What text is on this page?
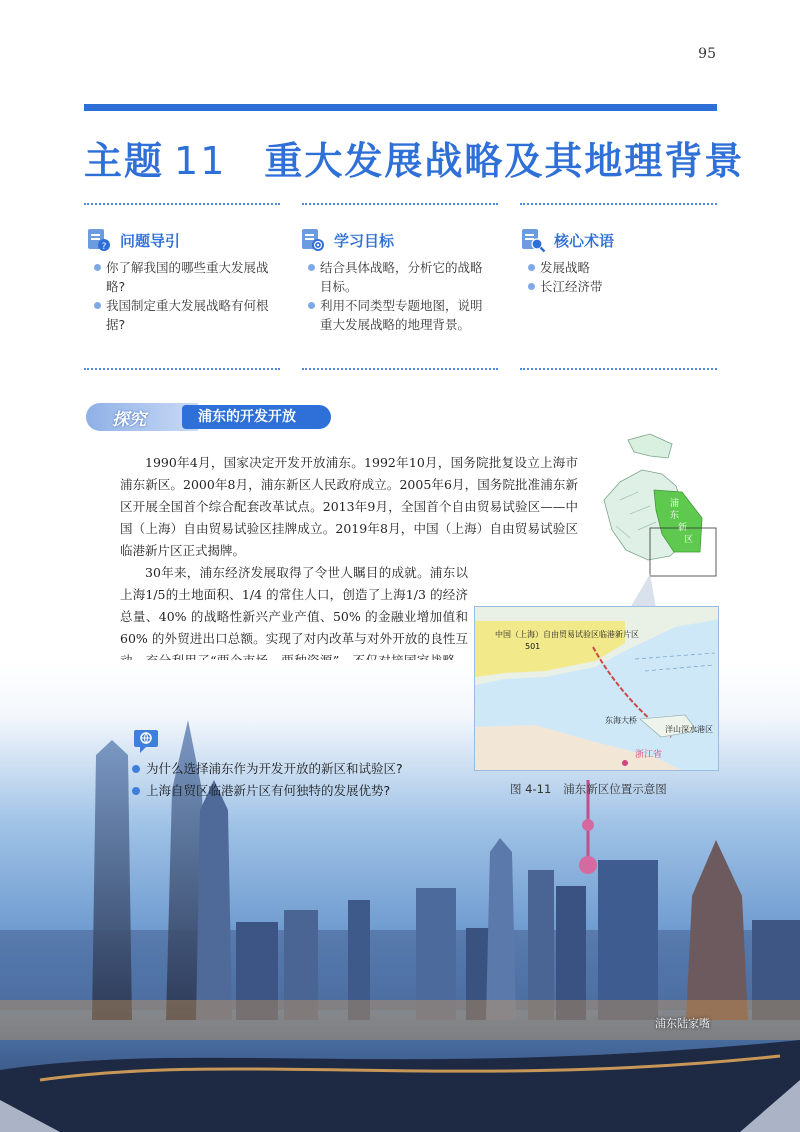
95
主题 11 重大发展战略及其地理背景
? 问题导引
你了解我国的哪些重大发展战略?
我国制定重大发展战略有何根据?
学习目标
结合具体战略，分析它的战略目标。
利用不同类型专题地图，说明重大发展战略的地理背景。
核心术语
发展战略
长江经济带
探究	浦东的开发开放
浦
东
新
区

1990年4月，国家决定开发开放浦东。1992年10月，国务院批复设立上海市浦东新区。2000年8月，浦东新区人民政府成立。2005年6月，国务院批准浦东新区开展全国首个综合配套改革试点。2013年9月，全国首个自由贸易试验区——中国（上海）自由贸易试验区挂牌成立。2019年8月，中国（上海）自由贸易试验区临港新片区正式揭牌。

30年来，浦东经济发展取得了令世人瞩目的成就。浦东以上海1/5的土地面积、1/4 的常住人口，创造了上海1/3 的经济总量、40% 的战略性新兴产业产值、50% 的金融业增加值和60% 的外贸进出口总额。实现了对内改革与对外开放的良性互	中国（上海）自由贸易试验区临港新片区
501
东海大桥
洋山深水港区
浙江省
图 4-11 浦东新区位置示意图
为什么选择浦东作为开发开放的新区和试验区?
上海自贸区临港新片区有何独特的发展优势?
浦东陆家嘴
